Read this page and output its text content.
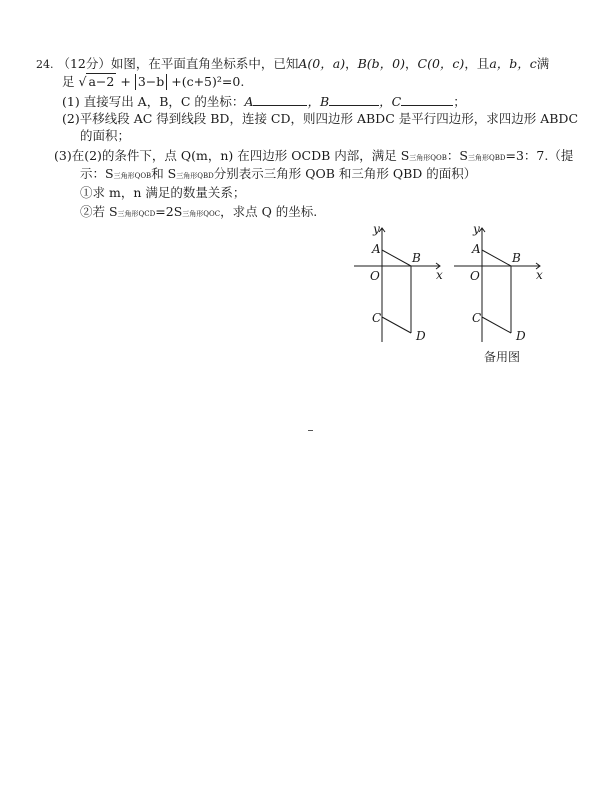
24. （12分）如图，在平面直角坐标系中，已知A(0，a)，B(b，0)，C(0，c)，且a，b，c满
足 √ a−2 + 3−b +(c+5)²=0.
(1) 直接写出 A，B，C 的坐标：A	，B	，C	；
(2)平移线段 AC 得到线段 BD，连接 CD，则四边形 ABDC 是平行四边形，求四边形 ABDC
的面积；
(3)在(2)的条件下，点 Q(m，n) 在四边形 OCDB 内部，满足 S三角形QOB：S三角形QBD=3：7.（提
示：S三角形QOB和 S三角形QBD分别表示三角形 QOB 和三角形 QBD 的面积）
①求 m，n 满足的数量关系；
②若 S三角形QCD=2S三角形QOC，求点 Q 的坐标.
y
x
A
B
O
C
D
y
x
A
B
O
C
D
备用图
